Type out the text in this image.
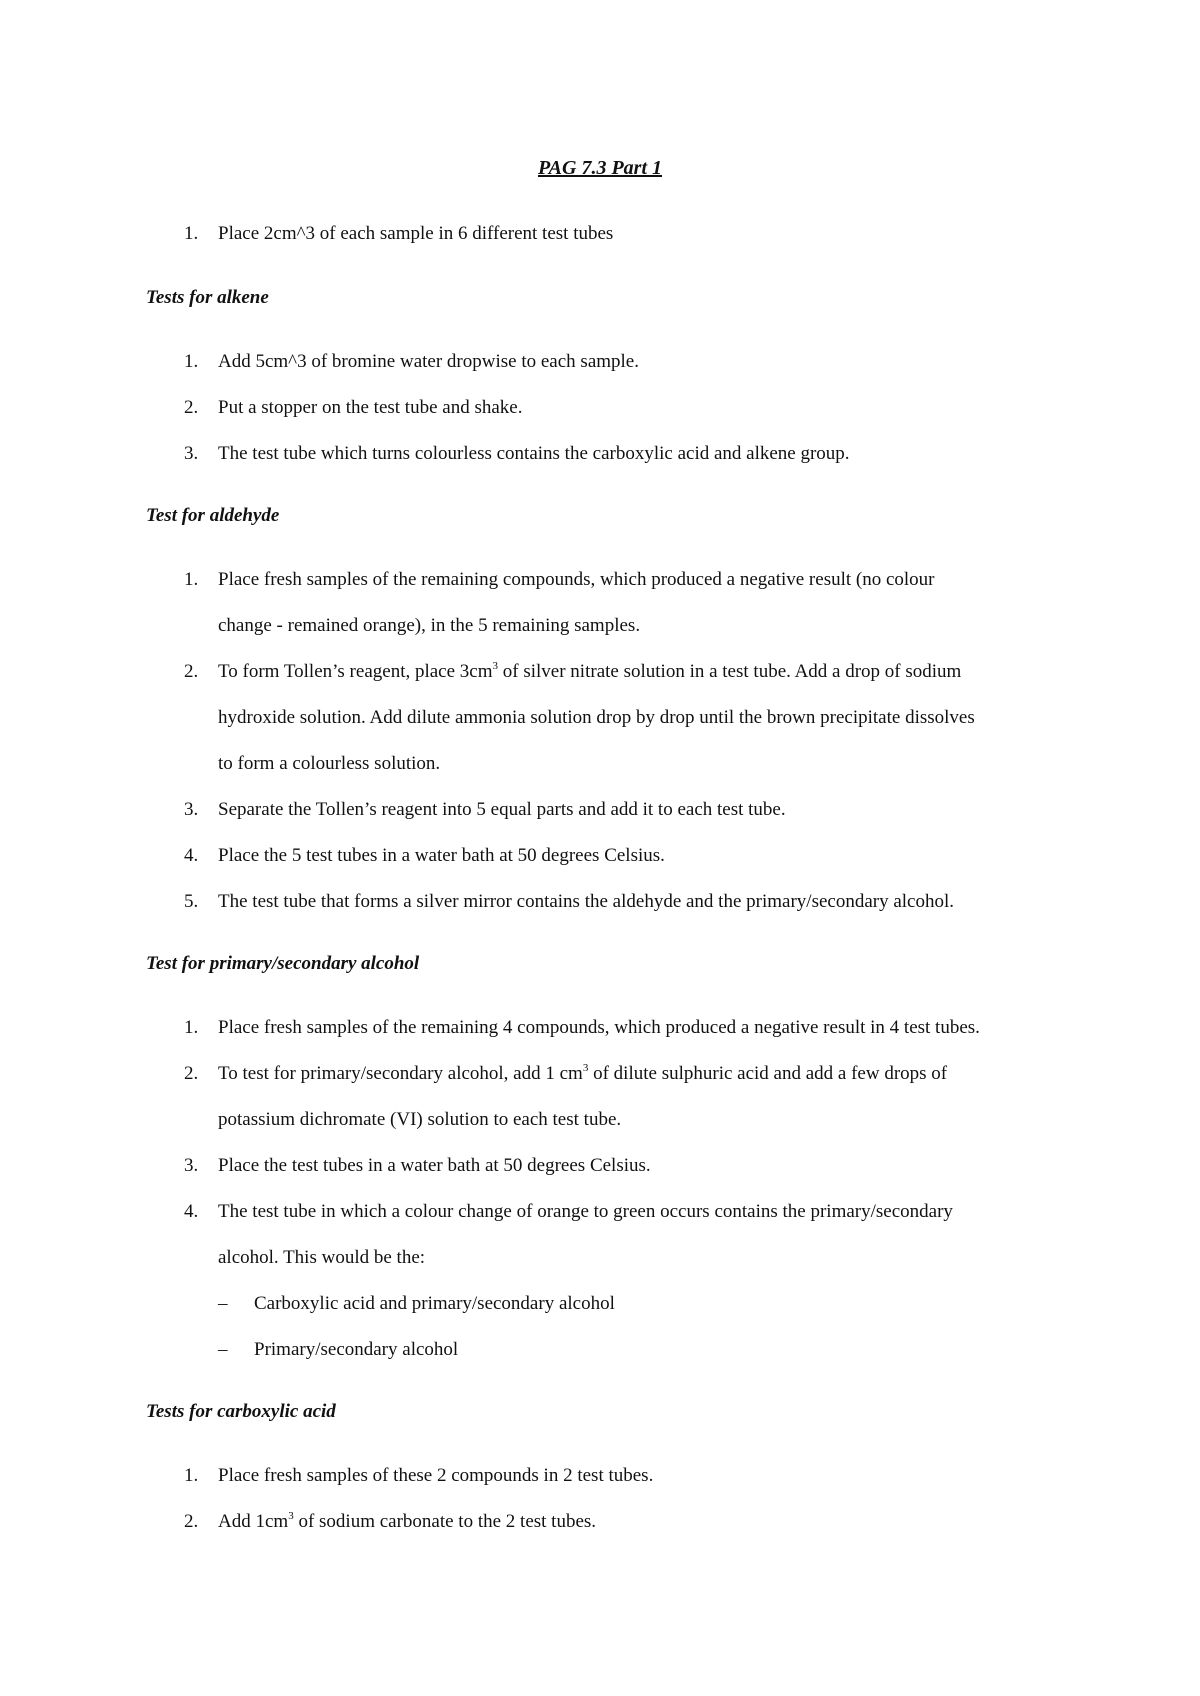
PAG 7.3 Part 1
1. Place 2cm^3 of each sample in 6 different test tubes
Tests for alkene
1. Add 5cm^3 of bromine water dropwise to each sample.
2. Put a stopper on the test tube and shake.
3. The test tube which turns colourless contains the carboxylic acid and alkene group.
Test for aldehyde
1. Place fresh samples of the remaining compounds, which produced a negative result (no colour
change - remained orange), in the 5 remaining samples.
2. To form Tollen’s reagent, place $3cm^3$ of silver nitrate solution in a test tube. Add a drop of sodium
hydroxide solution. Add dilute ammonia solution drop by drop until the brown precipitate dissolves
to form a colourless solution.
3. Separate the Tollen’s reagent into 5 equal parts and add it to each test tube.
4. Place the 5 test tubes in a water bath at 50 degrees Celsius.
5. The test tube that forms a silver mirror contains the aldehyde and the primary/secondary alcohol.
Test for primary/secondary alcohol
1. Place fresh samples of the remaining 4 compounds, which produced a negative result in 4 test tubes.
2. To test for primary/secondary alcohol, add 1 $cm^3$ of dilute sulphuric acid and add a few drops of
potassium dichromate (VI) solution to each test tube.
3. Place the test tubes in a water bath at 50 degrees Celsius.
4. The test tube in which a colour change of orange to green occurs contains the primary/secondary
alcohol. This would be the:
– Carboxylic acid and primary/secondary alcohol
– Primary/secondary alcohol
Tests for carboxylic acid
1. Place fresh samples of these 2 compounds in 2 test tubes.
2. Add $1cm^3$ of sodium carbonate to the 2 test tubes.
